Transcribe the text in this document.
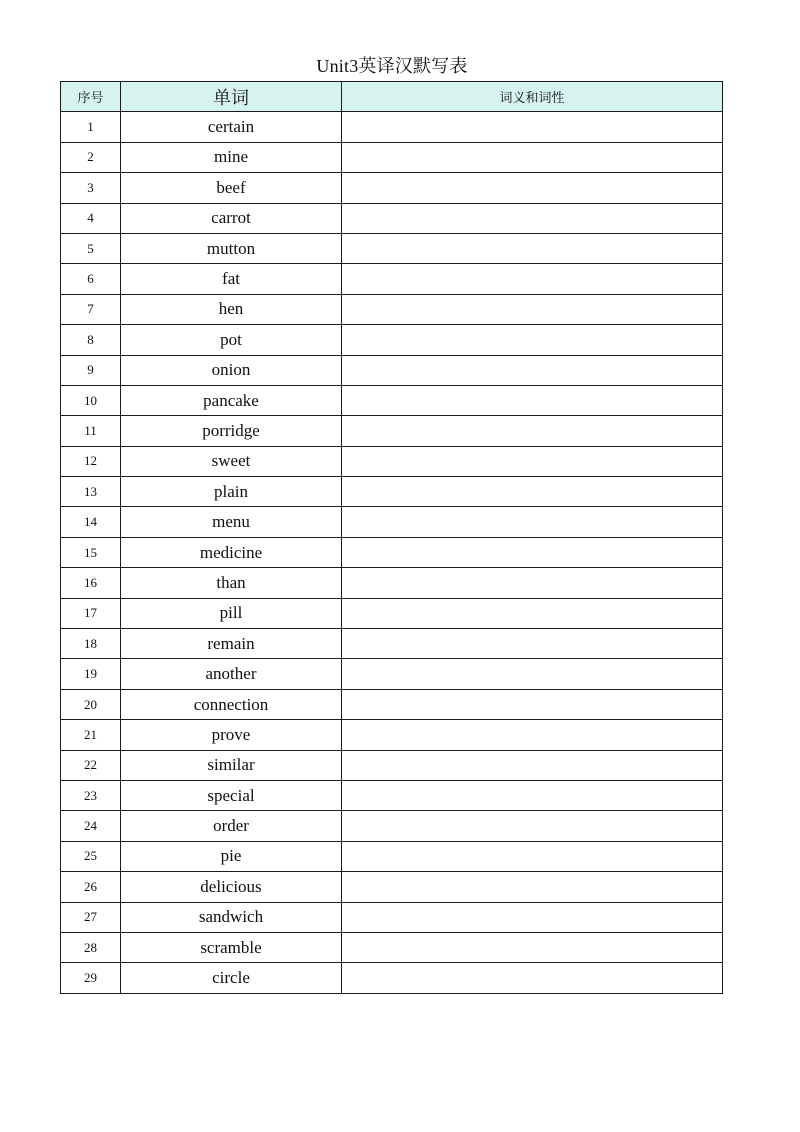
Unit3英译汉默写表
序号	单词	词义和词性
1	certain	
2	mine	
3	beef	
4	carrot	
5	mutton	
6	fat	
7	hen	
8	pot	
9	onion	
10	pancake	
11	porridge	
12	sweet	
13	plain	
14	menu	
15	medicine	
16	than	
17	pill	
18	remain	
19	another	
20	connection	
21	prove	
22	similar	
23	special	
24	order	
25	pie	
26	delicious	
27	sandwich	
28	scramble	
29	circle	
